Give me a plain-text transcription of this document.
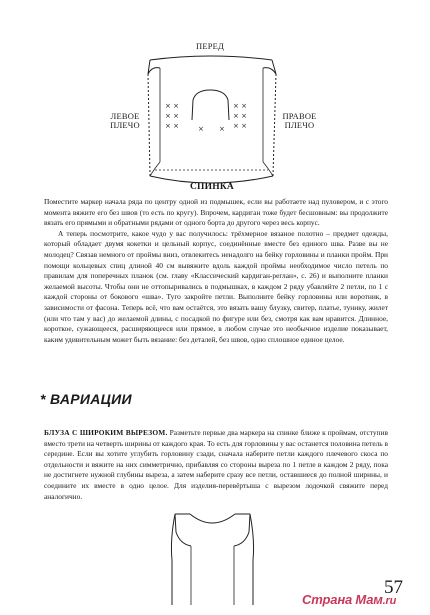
× ×
× ×
× ×
× ×
× ×
× ×
× ×
ПЕРЕД
ЛЕВОЕ
ПЛЕЧО
ПРАВОЕ
ПЛЕЧО
СПИНКА

Поместите маркер начала ряда по центру одной из подмышек, если вы работаете над пуловером, и с этого момента вяжите его без швов (то есть по кругу). Впрочем, кардиган тоже будет бесшовным: вы продолжите вязать его прямыми и обратными рядами от одного борта до другого через весь корпус.

А теперь посмотрите, какое чудо у вас получилось: трёхмерное вязаное полотно – предмет одежды, который обладает двумя кокетки и цельный корпус, соединённые вместе без единого шва. Разве вы не молодец? Связав немного от проймы вниз, отвлекитесь ненадолго на бейку горловины и планки пройм. При помощи кольцевых спиц длиной 40 см вывяжите вдоль каждой проймы необходимое число петель по правилам для поперечных планок (см. главу «Классический кардиган-реглан», с. 26) и выполните планки желаемой высоты. Чтобы они не оттопыривались в подмышках, в каждом 2 ряду убавляйте 2 петли, по 1 с каждой стороны от бокового «шва». Туго закройте петли. Выполните бейку горловины или воротник, в зависимости от фасона. Теперь всё, что вам остаётся, это вязать вашу блузку, свитер, платье, тунику, жилет (или что там у вас) до желаемой длины, с посадкой по фигуре или без, смотря как вам нравится. Длинное, короткое, сужающееся, расширяющееся или прямое, в любом случае это необычное изделие показывает, каким удивительным может быть вязание: без деталей, без швов, одно сплошное единое целое.

* ВАРИАЦИИ

БЛУЗА С ШИРОКИМ ВЫРЕЗОМ. Разметьте первые два маркера на спинке ближе к проймам, отступив вместо трети на четверть ширины от каждого края. То есть для горловины у вас останется половина петель в середине. Если вы хотите углубить горловину сзади, сначала наберите петли каждого плечевого скоса по отдельности и вяжите на них симметрично, прибавляя со стороны выреза по 1 петле в каждом 2 ряду, пока не достигнете нужной глубины выреза, а затем наберите сразу все петли, оставшиеся до полной ширины, и соедините их вместе в одно целое. Для изделия-перевёртыша с вырезом лодочкой свяжите перед аналогично.

57
Страна Мам.ru
